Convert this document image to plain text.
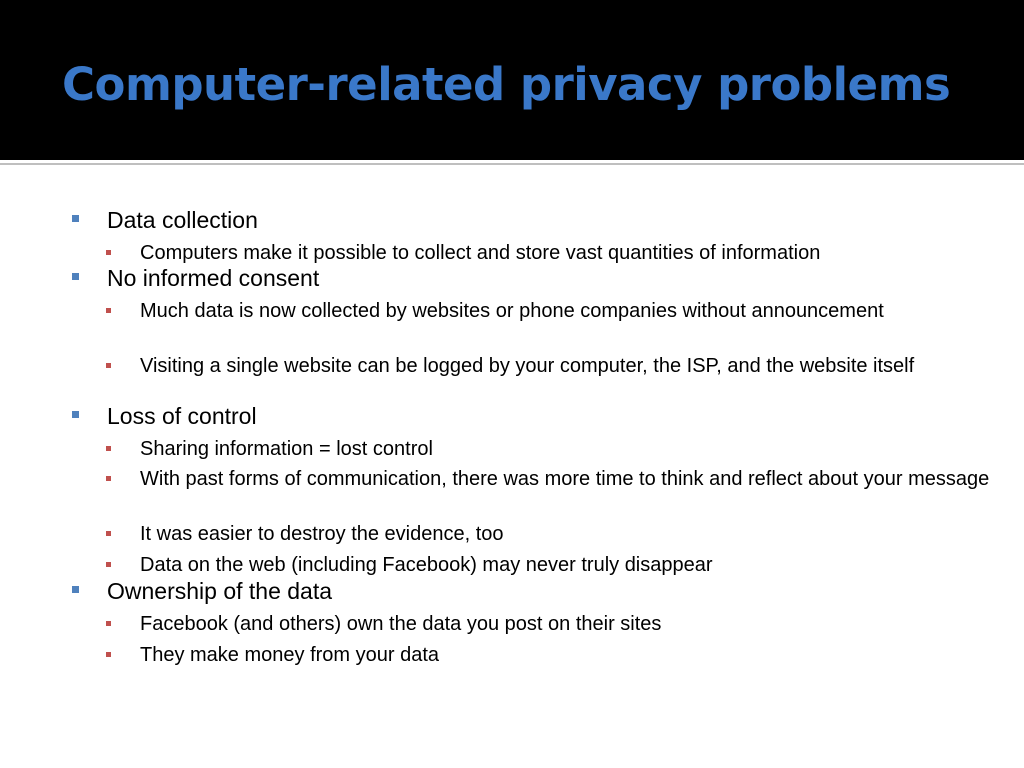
Computer-related privacy problems
Data collection
Computers make it possible to collect and store vast quantities of information
No informed consent
Much data is now collected by websites or phone companies without announcement
Visiting a single website can be logged by your computer, the ISP, and the website itself
Loss of control
Sharing information = lost control
With past forms of communication, there was more time to think and reflect about your message
It was easier to destroy the evidence, too
Data on the web (including Facebook) may never truly disappear
Ownership of the data
Facebook (and others) own the data you post on their sites
They make money from your data
